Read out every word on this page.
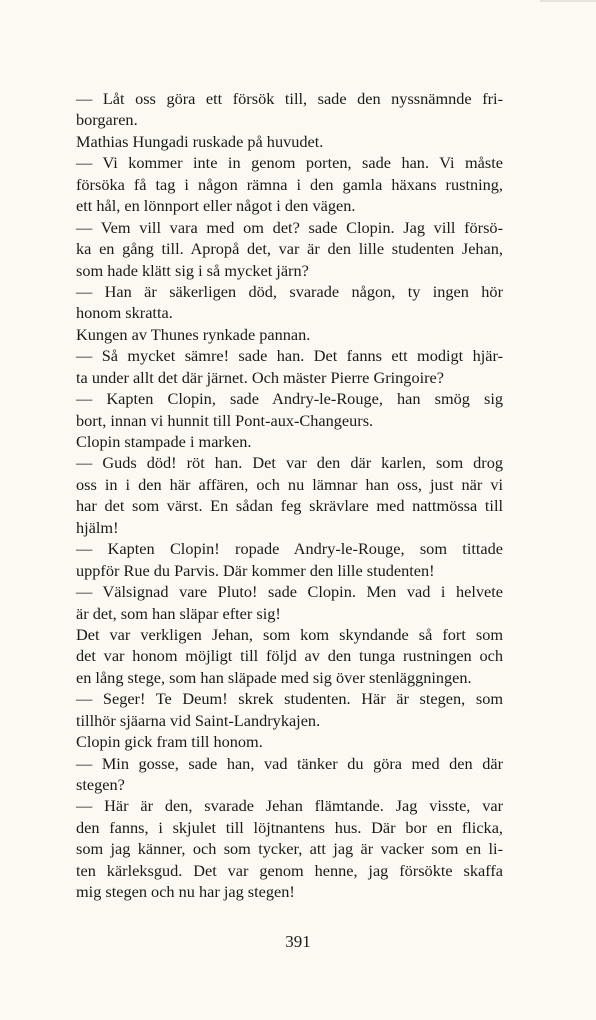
— Låt oss göra ett försök till, sade den nyssnämnde fri-
borgaren.
Mathias Hungadi ruskade på huvudet.
— Vi kommer inte in genom porten, sade han. Vi måste
försöka få tag i någon rämna i den gamla häxans rustning,
ett hål, en lönnport eller något i den vägen.
— Vem vill vara med om det? sade Clopin. Jag vill försö-
ka en gång till. Apropå det, var är den lille studenten Jehan,
som hade klätt sig i så mycket järn?
— Han är säkerligen död, svarade någon, ty ingen hör
honom skratta.
Kungen av Thunes rynkade pannan.
— Så mycket sämre! sade han. Det fanns ett modigt hjär-
ta under allt det där järnet. Och mäster Pierre Gringoire?
— Kapten Clopin, sade Andry-le-Rouge, han smög sig
bort, innan vi hunnit till Pont-aux-Changeurs.
Clopin stampade i marken.
— Guds död! röt han. Det var den där karlen, som drog
oss in i den här affären, och nu lämnar han oss, just när vi
har det som värst. En sådan feg skrävlare med nattmössa till
hjälm!
— Kapten Clopin! ropade Andry-le-Rouge, som tittade
uppför Rue du Parvis. Där kommer den lille studenten!
— Välsignad vare Pluto! sade Clopin. Men vad i helvete
är det, som han släpar efter sig!
Det var verkligen Jehan, som kom skyndande så fort som
det var honom möjligt till följd av den tunga rustningen och
en lång stege, som han släpade med sig över stenläggningen.
— Seger! Te Deum! skrek studenten. Här är stegen, som
tillhör sjäarna vid Saint-Landrykajen.
Clopin gick fram till honom.
— Min gosse, sade han, vad tänker du göra med den där
stegen?
— Här är den, svarade Jehan flämtande. Jag visste, var
den fanns, i skjulet till löjtnantens hus. Där bor en flicka,
som jag känner, och som tycker, att jag är vacker som en li-
ten kärleksgud. Det var genom henne, jag försökte skaffa
mig stegen och nu har jag stegen!
391
